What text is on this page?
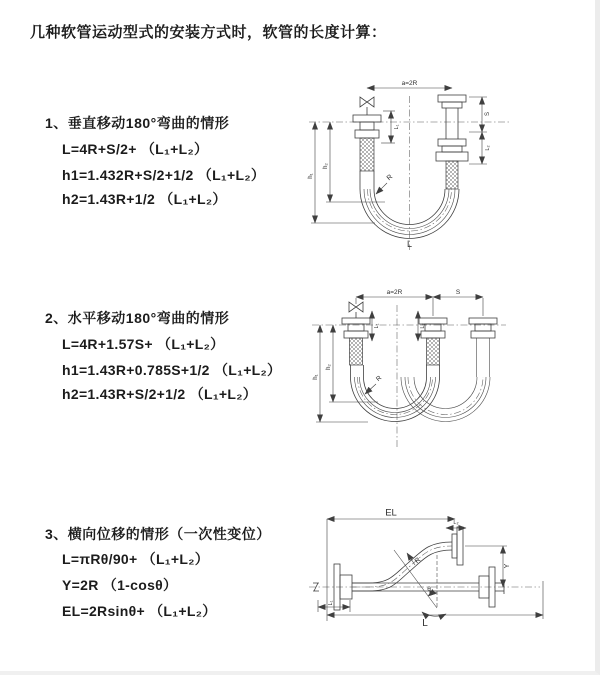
几种软管运动型式的安装方式时，软管的长度计算：
1、垂直移动180°弯曲的情形
L=4R+S/2+ （L₁+L₂）
h1=1.432R+S/2+1/2 （L₁+L₂）
h2=1.43R+1/2 （L₁+L₂）
2、水平移动180°弯曲的情形
L=4R+1.57S+ （L₁+L₂）
h1=1.43R+0.785S+1/2 （L₁+L₂）
h2=1.43R+S/2+1/2 （L₁+L₂）
3、横向位移的情形（一次性变位）
L=πRθ/90+ （L₁+L₂）
Y=2R （1-cosθ）
EL=2Rsinθ+ （L₁+L₂）
a=2R
L₁
S
L₂
h₁
h₂
R
L
a=2R	S
L₁	L₂
h₁
h₂
R
EL
L₂
Y
R
θ
L
L₁
